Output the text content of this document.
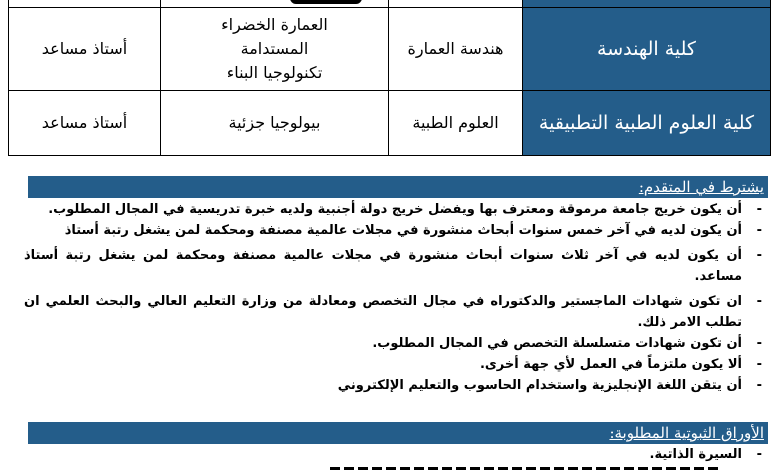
كلية الهندسة	هندسة العمارة	العمارة الخضراء
المستدامة
تكنولوجيا البناء	أستاذ مساعد
كلية العلوم الطبية التطبيقية	العلوم الطبية	بيولوجيا جزئية	أستاذ مساعد
يشترط في المتقدم:
-
أن يكون خريج جامعة مرموقة ومعترف بها ويفضل خريج دولة أجنبية ولديه خبرة تدريسية في المجال المطلوب.
-
أن يكون لديه في آخر خمس سنوات أبحاث منشورة في مجلات عالمية مصنفة ومحكمة لمن يشغل رتبة أستاذ
-
أن يكون لديه في آخر ثلاث سنوات أبحاث منشورة في مجلات عالمية مصنفة ومحكمة لمن يشغل رتبة أستاذ مساعد.
-
ان تكون شهادات الماجستير والدكتوراه في مجال التخصص ومعادلة من وزارة التعليم العالي والبحث العلمي ان تطلب الامر ذلك.
-
أن تكون شهادات متسلسلة التخصص في المجال المطلوب.
-
ألا يكون ملتزماً في العمل لأي جهة أخرى.
-
أن يتقن اللغة الإنجليزية واستخدام الحاسوب والتعليم الإلكتروني
الأوراق الثبوتية المطلوبة:
-
السيرة الذاتية.
